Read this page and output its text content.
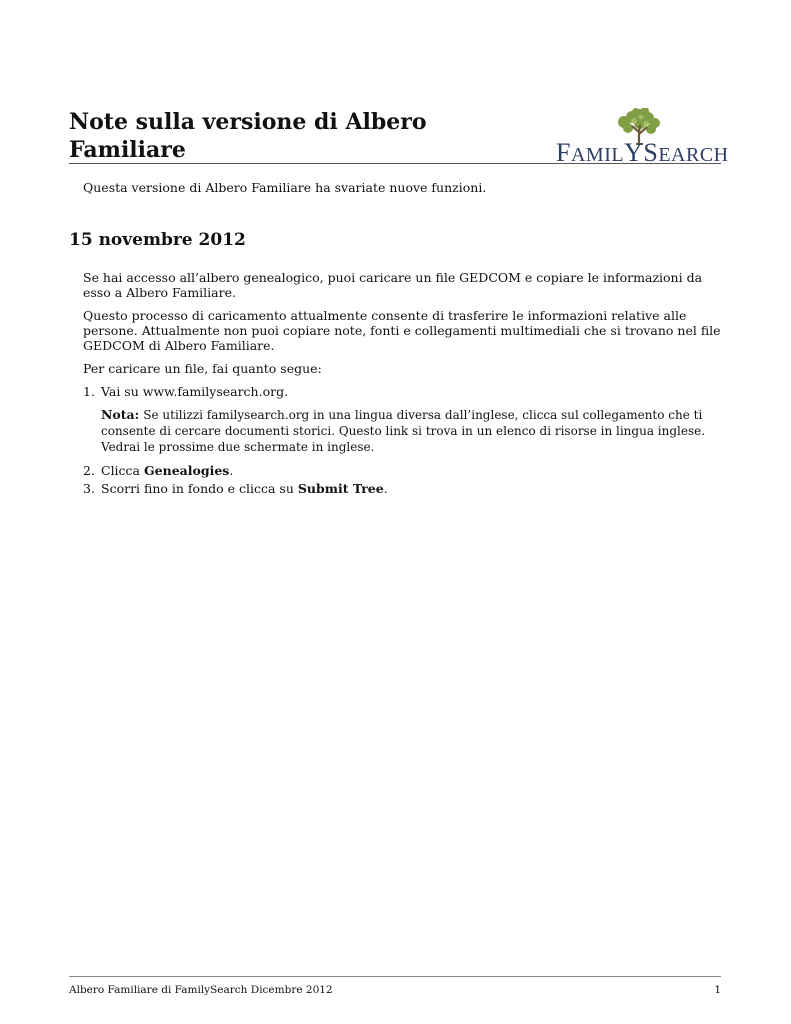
Note sulla versione di Albero Familiare	FAMILYSEARCH

Questa versione di Albero Familiare ha svariate nuove funzioni.

15 novembre 2012

Se hai accesso all’albero genealogico, puoi caricare un file GEDCOM e copiare le informazioni da esso a Albero Familiare.

Questo processo di caricamento attualmente consente di trasferire le informazioni relative alle persone. Attualmente non puoi copiare note, fonti e collegamenti multimediali che si trovano nel file GEDCOM di Albero Familiare.

Per caricare un file, fai quanto segue:

1. Vai su www.familysearch.org.
Nota: Se utilizzi familysearch.org in una lingua diversa dall’inglese, clicca sul collegamento che ti consente di cercare documenti storici. Questo link si trova in un elenco di risorse in lingua inglese. Vedrai le prossime due schermate in inglese.
2. Clicca Genealogies.
3. Scorri fino in fondo e clicca su Submit Tree.
Albero Familiare di FamilySearch Dicembre 2012	1
